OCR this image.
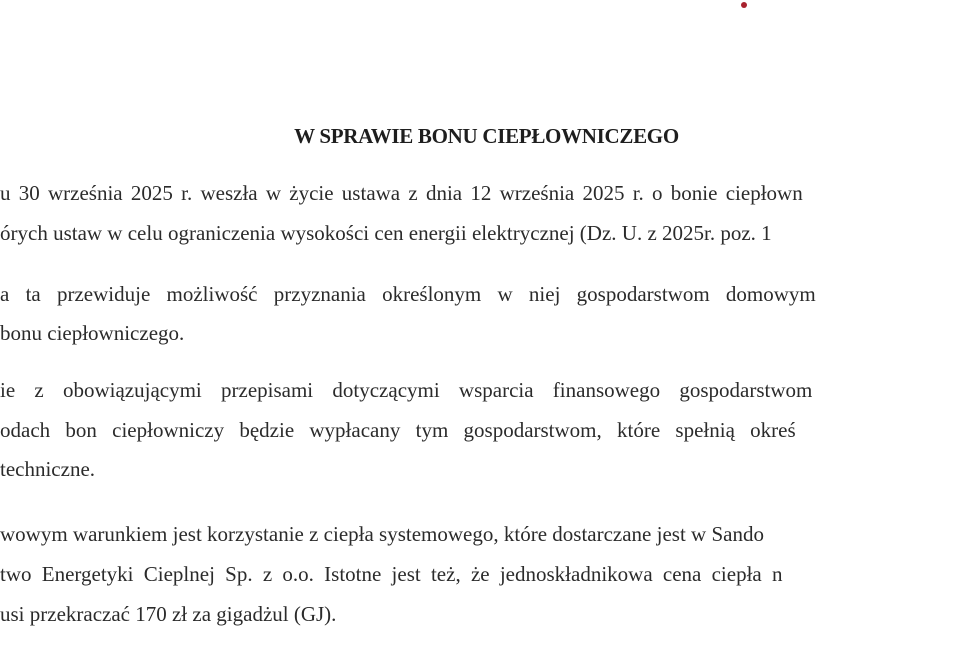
W SPRAWIE BONU CIEPŁOWNICZEGO
u 30 września 2025 r. weszła w życie ustawa z dnia 12 września 2025 r. o bonie ciepłown
órych ustaw w celu ograniczenia wysokości cen energii elektrycznej (Dz. U. z 2025r. poz. 1
a ta przewiduje możliwość przyznania określonym w niej gospodarstwom domowym
bonu ciepłowniczego.
ie z obowiązującymi przepisami dotyczącymi wsparcia finansowego gospodarstwom
odach bon ciepłowniczy będzie wypłacany tym gospodarstwom, które spełnią okreś
techniczne.
wowym warunkiem jest korzystanie z ciepła systemowego, które dostarczane jest w Sando
twо Energetyki Cieplnej Sp. z o.o. Istotne jest też, że jednoskładnikowa cena ciepła n
usi przekraczać 170 zł za gigadżul (GJ).
